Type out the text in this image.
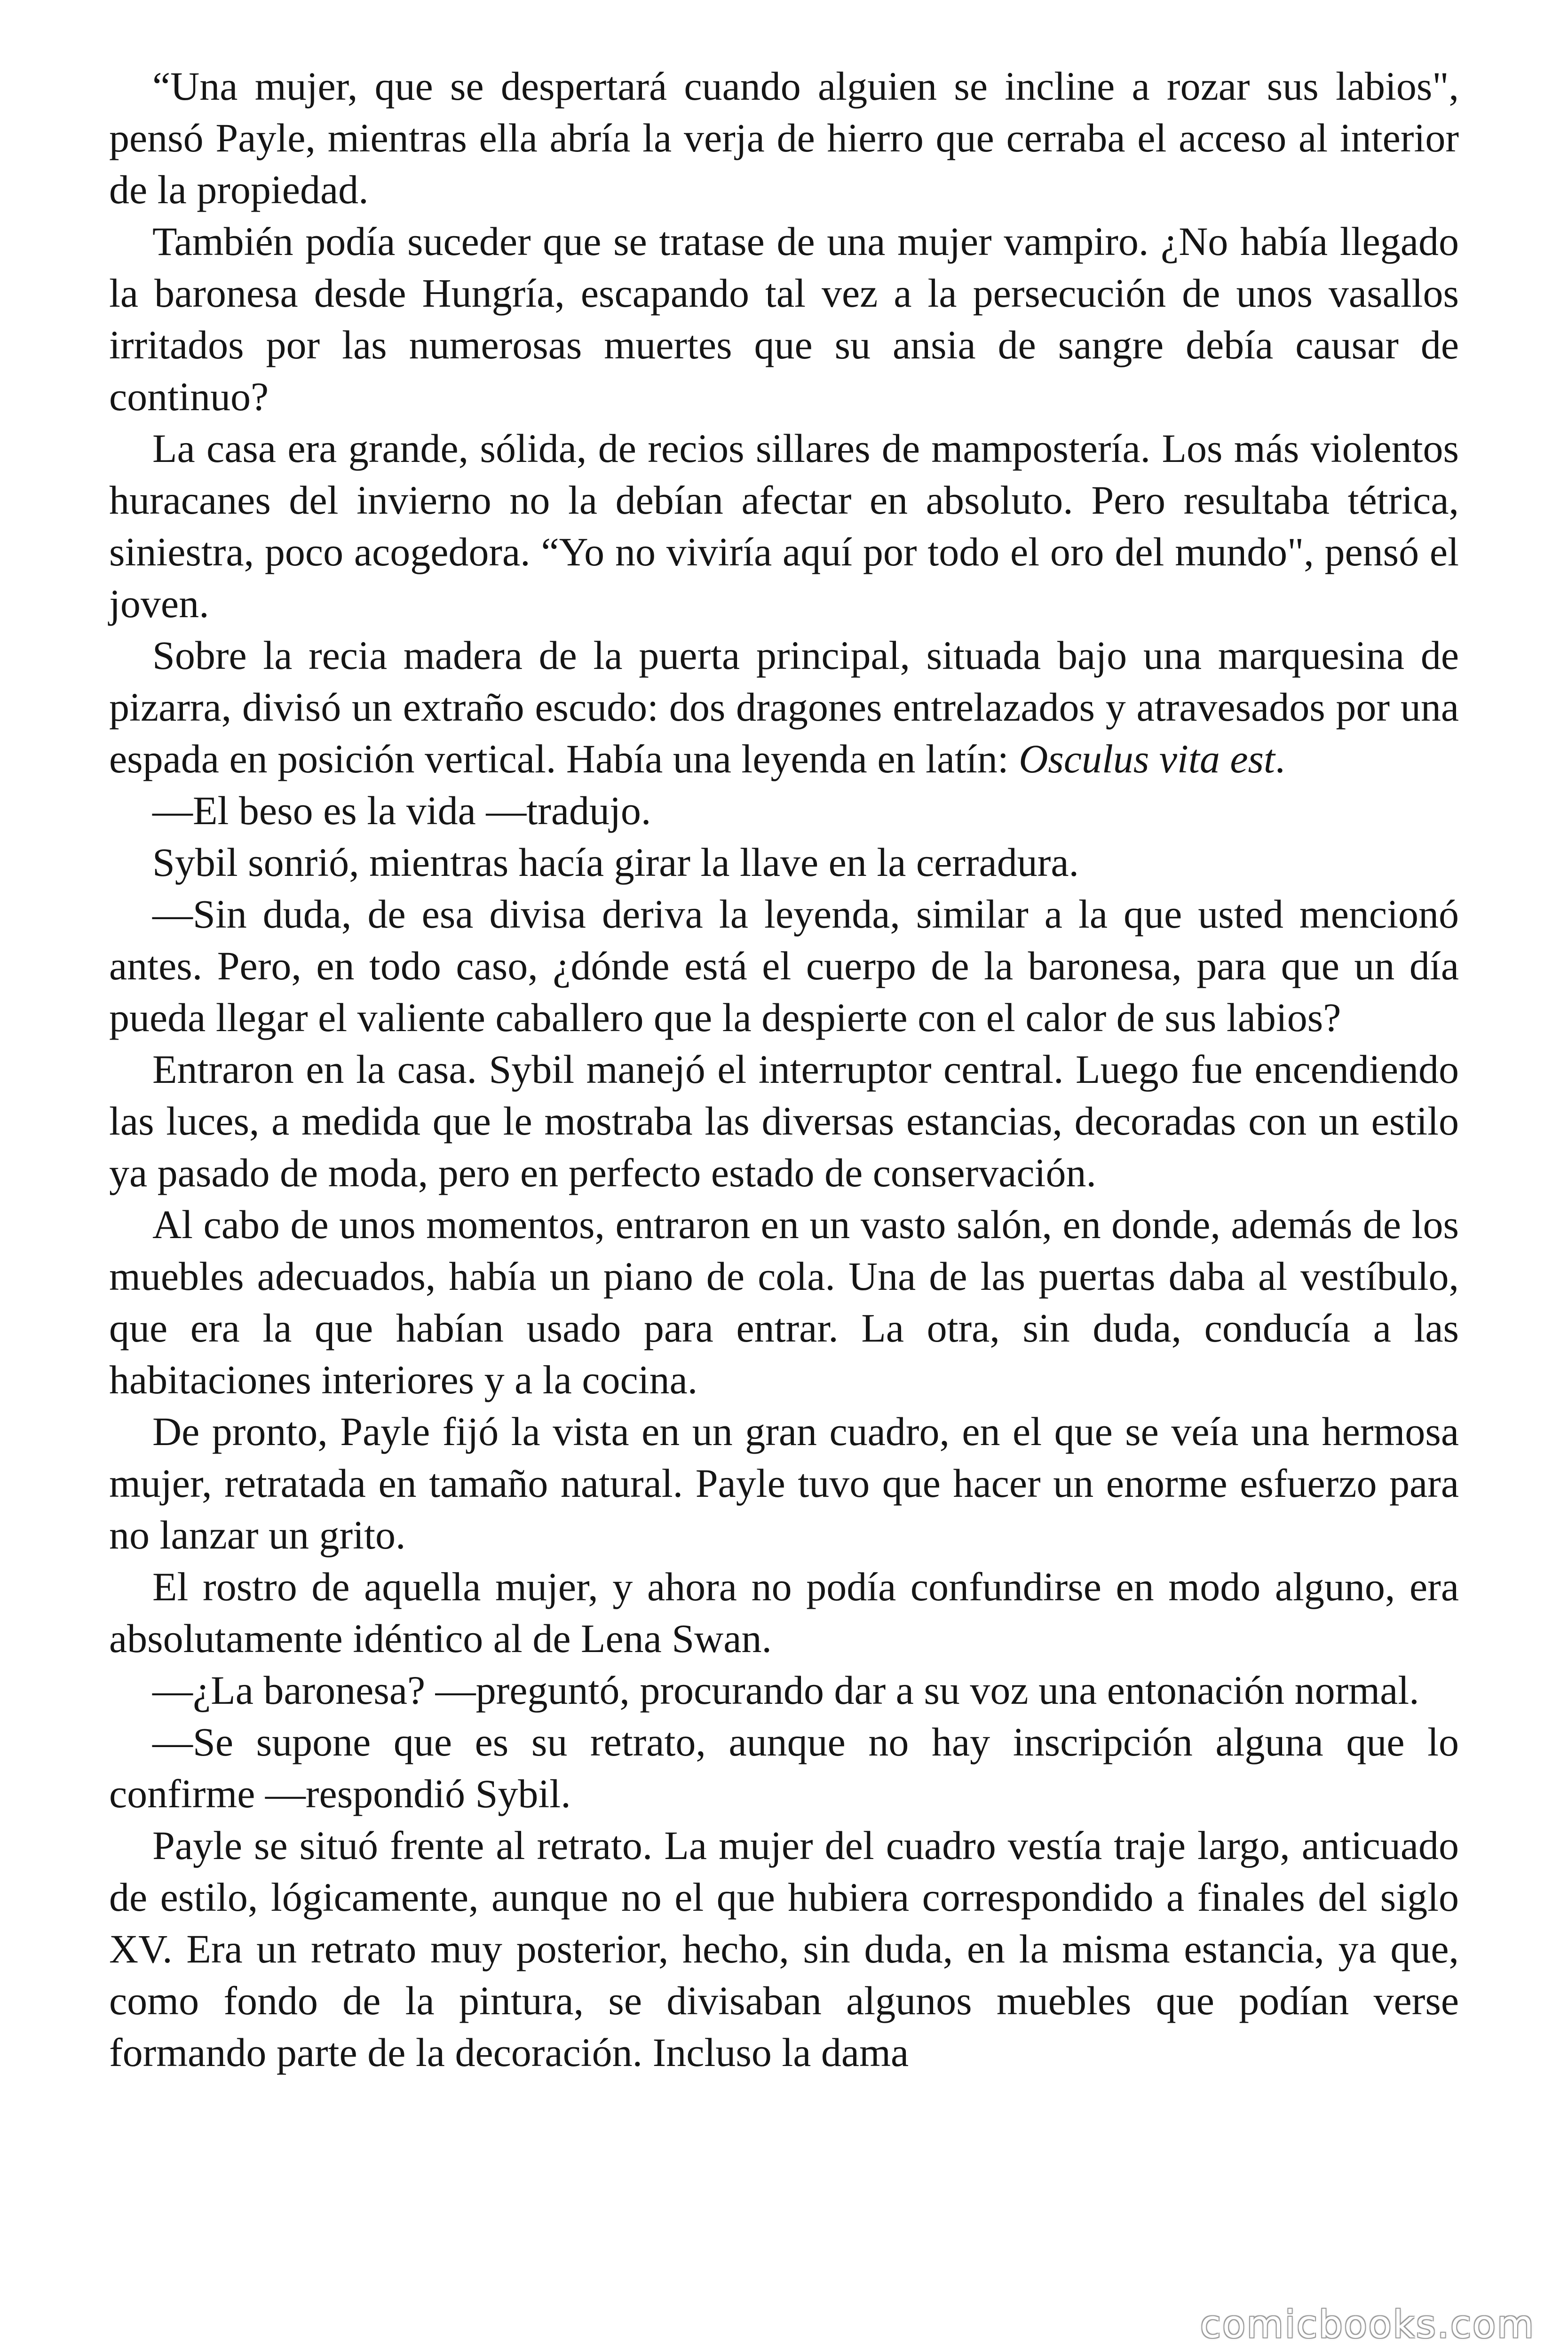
“Una mujer, que se despertará cuando alguien se incline a rozar sus labios", pensó Payle, mientras ella abría la verja de hierro que cerraba el acceso al interior de la propiedad.

También podía suceder que se tratase de una mujer vampiro. ¿No había llegado la baronesa desde Hungría, escapando tal vez a la persecución de unos vasallos irritados por las numerosas muertes que su ansia de sangre debía causar de continuo?

La casa era grande, sólida, de recios sillares de mampostería. Los más violentos huracanes del invierno no la debían afectar en absoluto. Pero resultaba tétrica, siniestra, poco acogedora. “Yo no viviría aquí por todo el oro del mundo", pensó el joven.

Sobre la recia madera de la puerta principal, situada bajo una marquesina de pizarra, divisó un extraño escudo: dos dragones entrelazados y atravesados por una espada en posición vertical. Había una leyenda en latín: Osculus vita est.

—El beso es la vida —tradujo.

Sybil sonrió, mientras hacía girar la llave en la cerradura.

—Sin duda, de esa divisa deriva la leyenda, similar a la que usted mencionó antes. Pero, en todo caso, ¿dónde está el cuerpo de la baronesa, para que un día pueda llegar el valiente caballero que la despierte con el calor de sus labios?

Entraron en la casa. Sybil manejó el interruptor central. Luego fue encendiendo las luces, a medida que le mostraba las diversas estancias, decoradas con un estilo ya pasado de moda, pero en perfecto estado de conservación.

Al cabo de unos momentos, entraron en un vasto salón, en donde, además de los muebles adecuados, había un piano de cola. Una de las puertas daba al vestíbulo, que era la que habían usado para entrar. La otra, sin duda, conducía a las habitaciones interiores y a la cocina.

De pronto, Payle fijó la vista en un gran cuadro, en el que se veía una hermosa mujer, retratada en tamaño natural. Payle tuvo que hacer un enorme esfuerzo para no lanzar un grito.

El rostro de aquella mujer, y ahora no podía confundirse en modo alguno, era absolutamente idéntico al de Lena Swan.

—¿La baronesa? —preguntó, procurando dar a su voz una entonación normal.

—Se supone que es su retrato, aunque no hay inscripción alguna que lo confirme —respondió Sybil.

Payle se situó frente al retrato. La mujer del cuadro vestía traje largo, anticuado de estilo, lógicamente, aunque no el que hubiera correspondido a finales del siglo XV. Era un retrato muy posterior, hecho, sin duda, en la misma estancia, ya que, como fondo de la pintura, se divisaban algunos muebles que podían verse formando parte de la decoración. Incluso la dama

comicbooks.com
